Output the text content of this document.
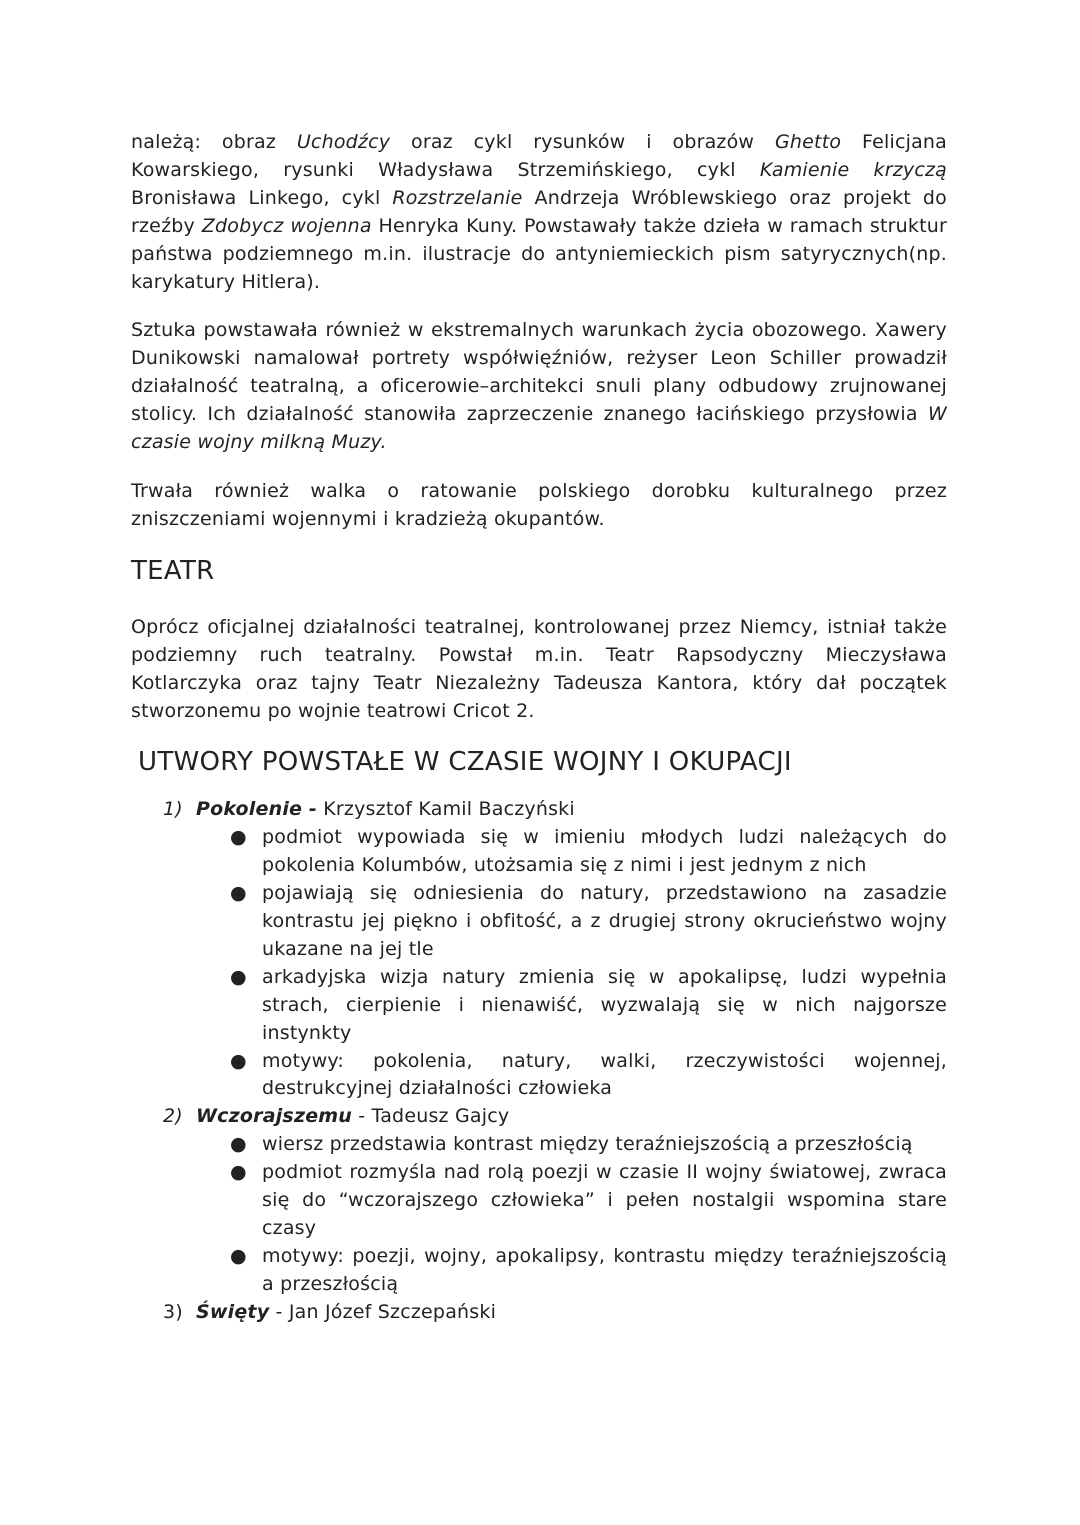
należą: obraz Uchodźcy oraz cykl rysunków i obrazów Ghetto Felicjana Kowarskiego, rysunki Władysława Strzemińskiego, cykl Kamienie krzyczą Bronisława Linkego, cykl Rozstrzelanie Andrzeja Wróblewskiego oraz projekt do rzeźby Zdobycz wojenna Henryka Kuny. Powstawały także dzieła w ramach struktur państwa podziemnego m.in. ilustracje do antyniemieckich pism satyrycznych(np. karykatury Hitlera).

Sztuka powstawała również w ekstremalnych warunkach życia obozowego. Xawery Dunikowski namalował portrety współwięźniów, reżyser Leon Schiller prowadził działalność teatralną, a oficerowie–architekci snuli plany odbudowy zrujnowanej stolicy. Ich działalność stanowiła zaprzeczenie znanego łacińskiego przysłowia W czasie wojny milkną Muzy.

Trwała również walka o ratowanie polskiego dorobku kulturalnego przez zniszczeniami wojennymi i kradzieżą okupantów.

TEATR

Oprócz oficjalnej działalności teatralnej, kontrolowanej przez Niemcy, istniał także podziemny ruch teatralny. Powstał m.in. Teatr Rapsodyczny Mieczysława Kotlarczyka oraz tajny Teatr Niezależny Tadeusza Kantora, który dał początek stworzonemu po wojnie teatrowi Cricot 2.

UTWORY POWSTAŁE W CZASIE WOJNY I OKUPACJI
1) Pokolenie - Krzysztof Kamil Baczyński
● podmiot wypowiada się w imieniu młodych ludzi należących do pokolenia Kolumbów, utożsamia się z nimi i jest jednym z nich
● pojawiają się odniesienia do natury, przedstawiono na zasadzie kontrastu jej piękno i obfitość, a z drugiej strony okrucieństwo wojny ukazane na jej tle
● arkadyjska wizja natury zmienia się w apokalipsę, ludzi wypełnia strach, cierpienie i nienawiść, wyzwalają się w nich najgorsze instynkty
● motywy: pokolenia, natury, walki, rzeczywistości wojennej, destrukcyjnej działalności człowieka
2) Wczorajszemu - Tadeusz Gajcy
● wiersz przedstawia kontrast między teraźniejszością a przeszłością
● podmiot rozmyśla nad rolą poezji w czasie II wojny światowej, zwraca się do “wczorajszego człowieka” i pełen nostalgii wspomina stare czasy
● motywy: poezji, wojny, apokalipsy, kontrastu między teraźniejszością a przeszłością
3) Święty - Jan Józef Szczepański
